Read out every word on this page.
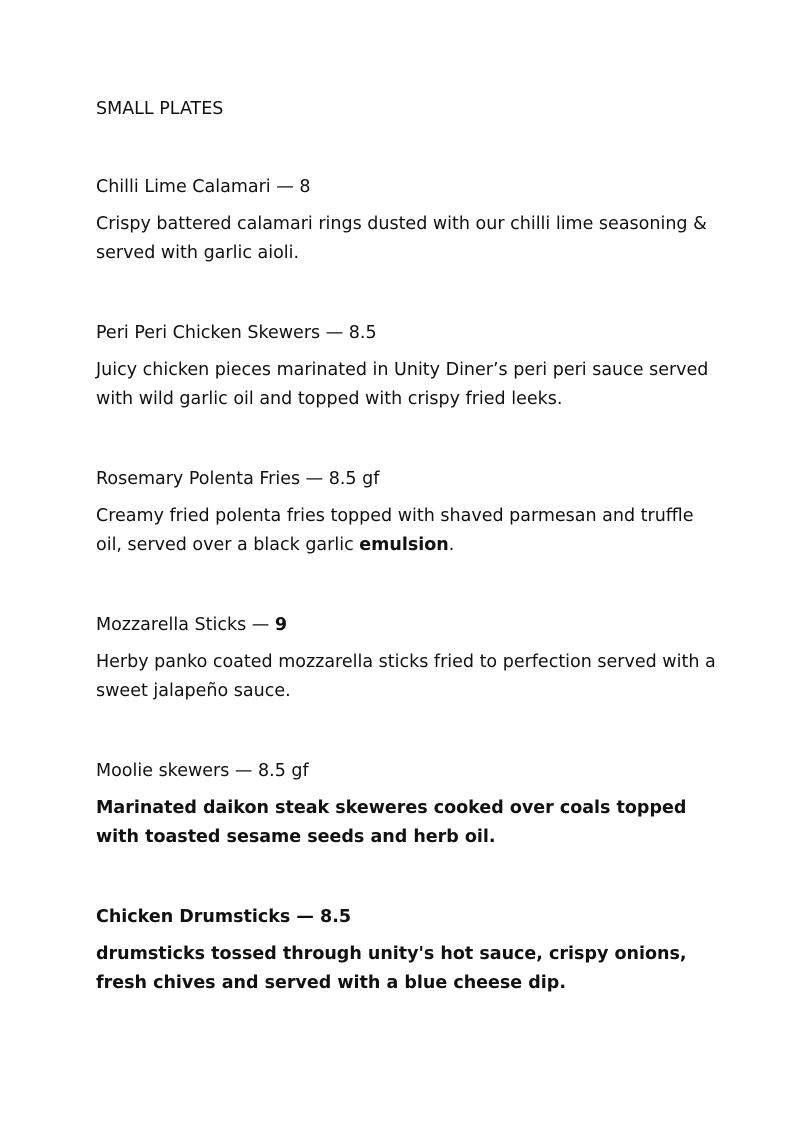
SMALL PLATES

Chilli Lime Calamari — 8

Crispy battered calamari rings dusted with our chilli lime seasoning & served with garlic aioli.

Peri Peri Chicken Skewers — 8.5

Juicy chicken pieces marinated in Unity Diner’s peri peri sauce served with wild garlic oil and topped with crispy fried leeks.

Rosemary Polenta Fries — 8.5 gf

Creamy fried polenta fries topped with shaved parmesan and truffle oil, served over a black garlic emulsion.

Mozzarella Sticks — 9

Herby panko coated mozzarella sticks fried to perfection served with a sweet jalapeño sauce.

Moolie skewers — 8.5 gf

Marinated daikon steak skeweres cooked over coals topped with toasted sesame seeds and herb oil.

Chicken Drumsticks — 8.5

drumsticks tossed through unity's hot sauce, crispy onions, fresh chives and served with a blue cheese dip.
